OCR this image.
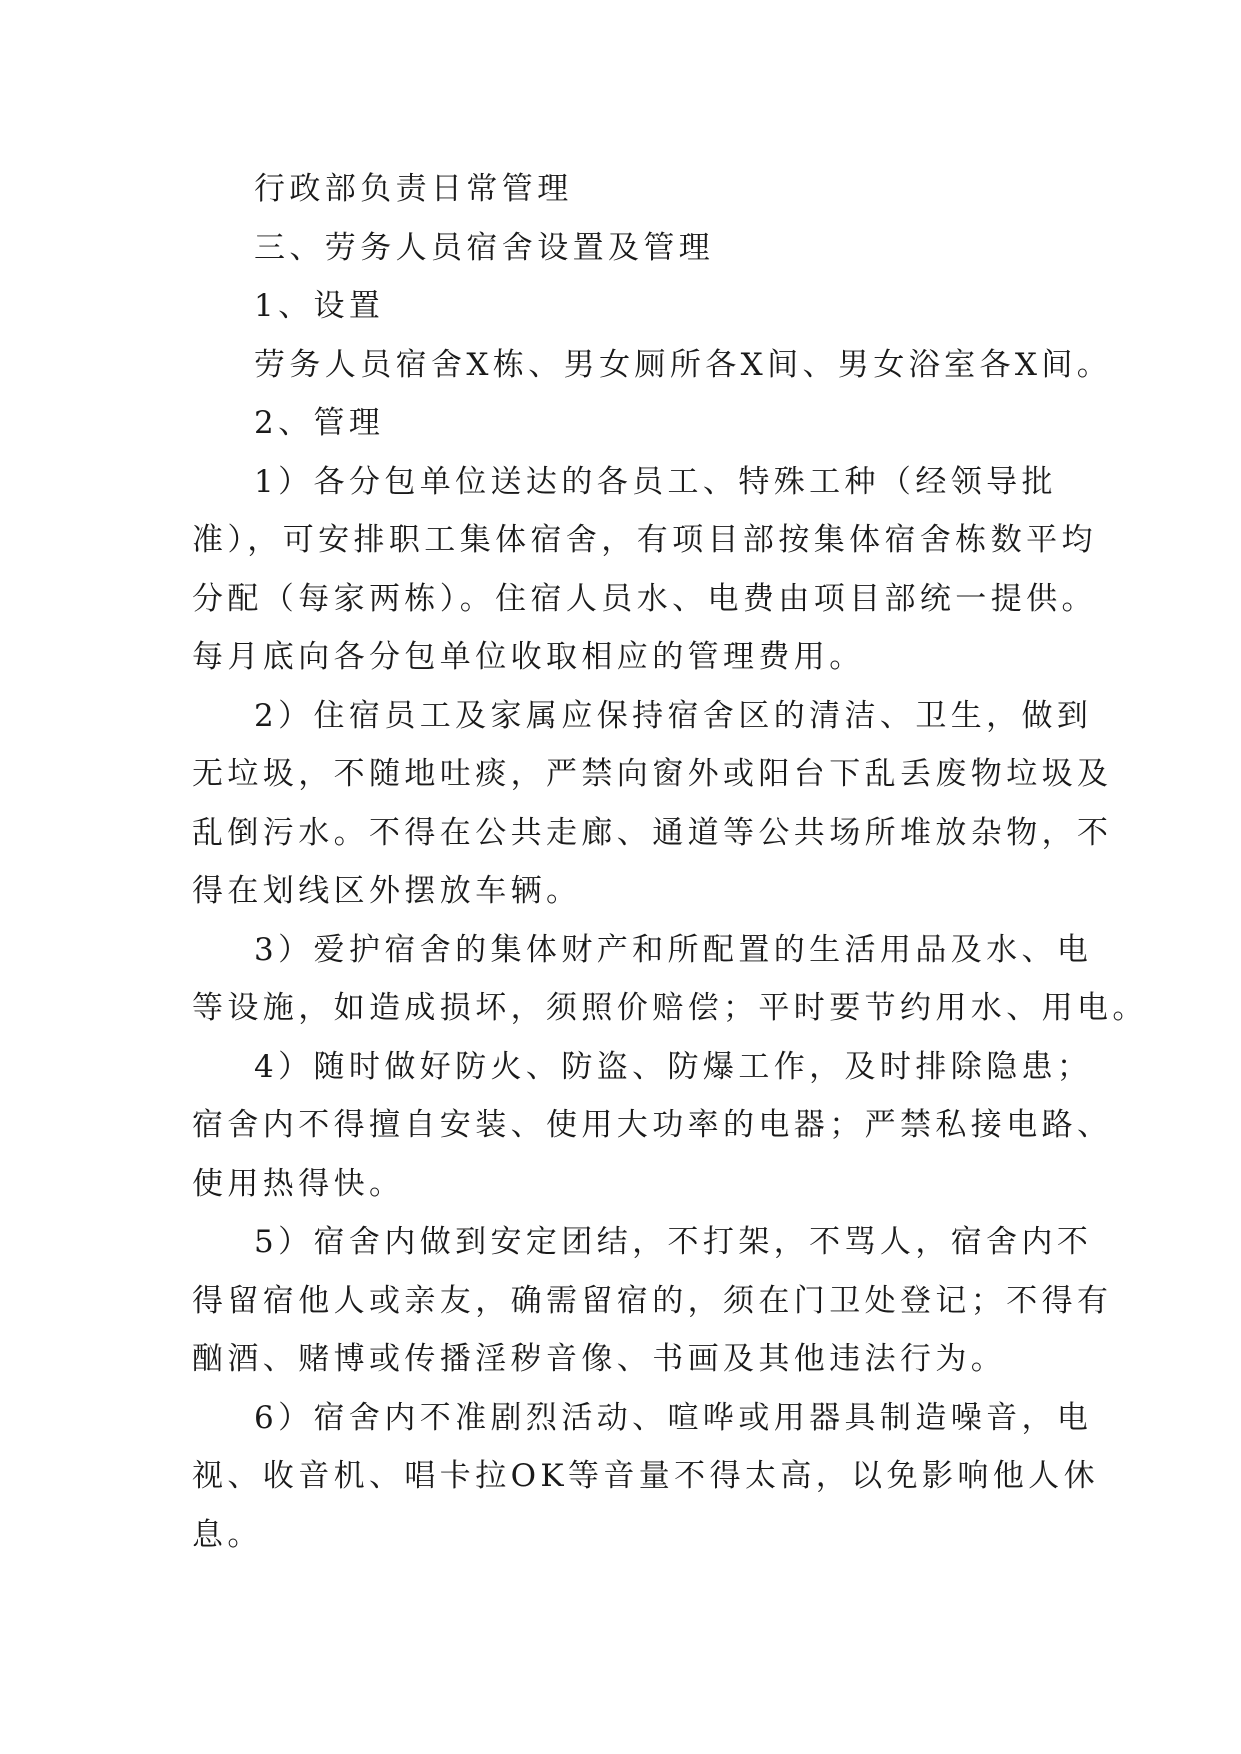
行政部负责日常管理
三、劳务人员宿舍设置及管理
1、设置
劳务人员宿舍X栋、男女厕所各X间、男女浴室各X间。
2、管理
1）各分包单位送达的各员工、特殊工种（经领导批
准），可安排职工集体宿舍，有项目部按集体宿舍栋数平均
分配（每家两栋）。住宿人员水、电费由项目部统一提供。
每月底向各分包单位收取相应的管理费用。
2）住宿员工及家属应保持宿舍区的清洁、卫生，做到
无垃圾，不随地吐痰，严禁向窗外或阳台下乱丢废物垃圾及
乱倒污水。不得在公共走廊、通道等公共场所堆放杂物，不
得在划线区外摆放车辆。
3）爱护宿舍的集体财产和所配置的生活用品及水、电
等设施，如造成损坏，须照价赔偿；平时要节约用水、用电。
4）随时做好防火、防盗、防爆工作，及时排除隐患；
宿舍内不得擅自安装、使用大功率的电器；严禁私接电路、
使用热得快。
5）宿舍内做到安定团结，不打架，不骂人，宿舍内不
得留宿他人或亲友，确需留宿的，须在门卫处登记；不得有
酗酒、赌博或传播淫秽音像、书画及其他违法行为。
6）宿舍内不准剧烈活动、喧哗或用器具制造噪音，电
视、收音机、唱卡拉OK等音量不得太高，以免影响他人休
息。
